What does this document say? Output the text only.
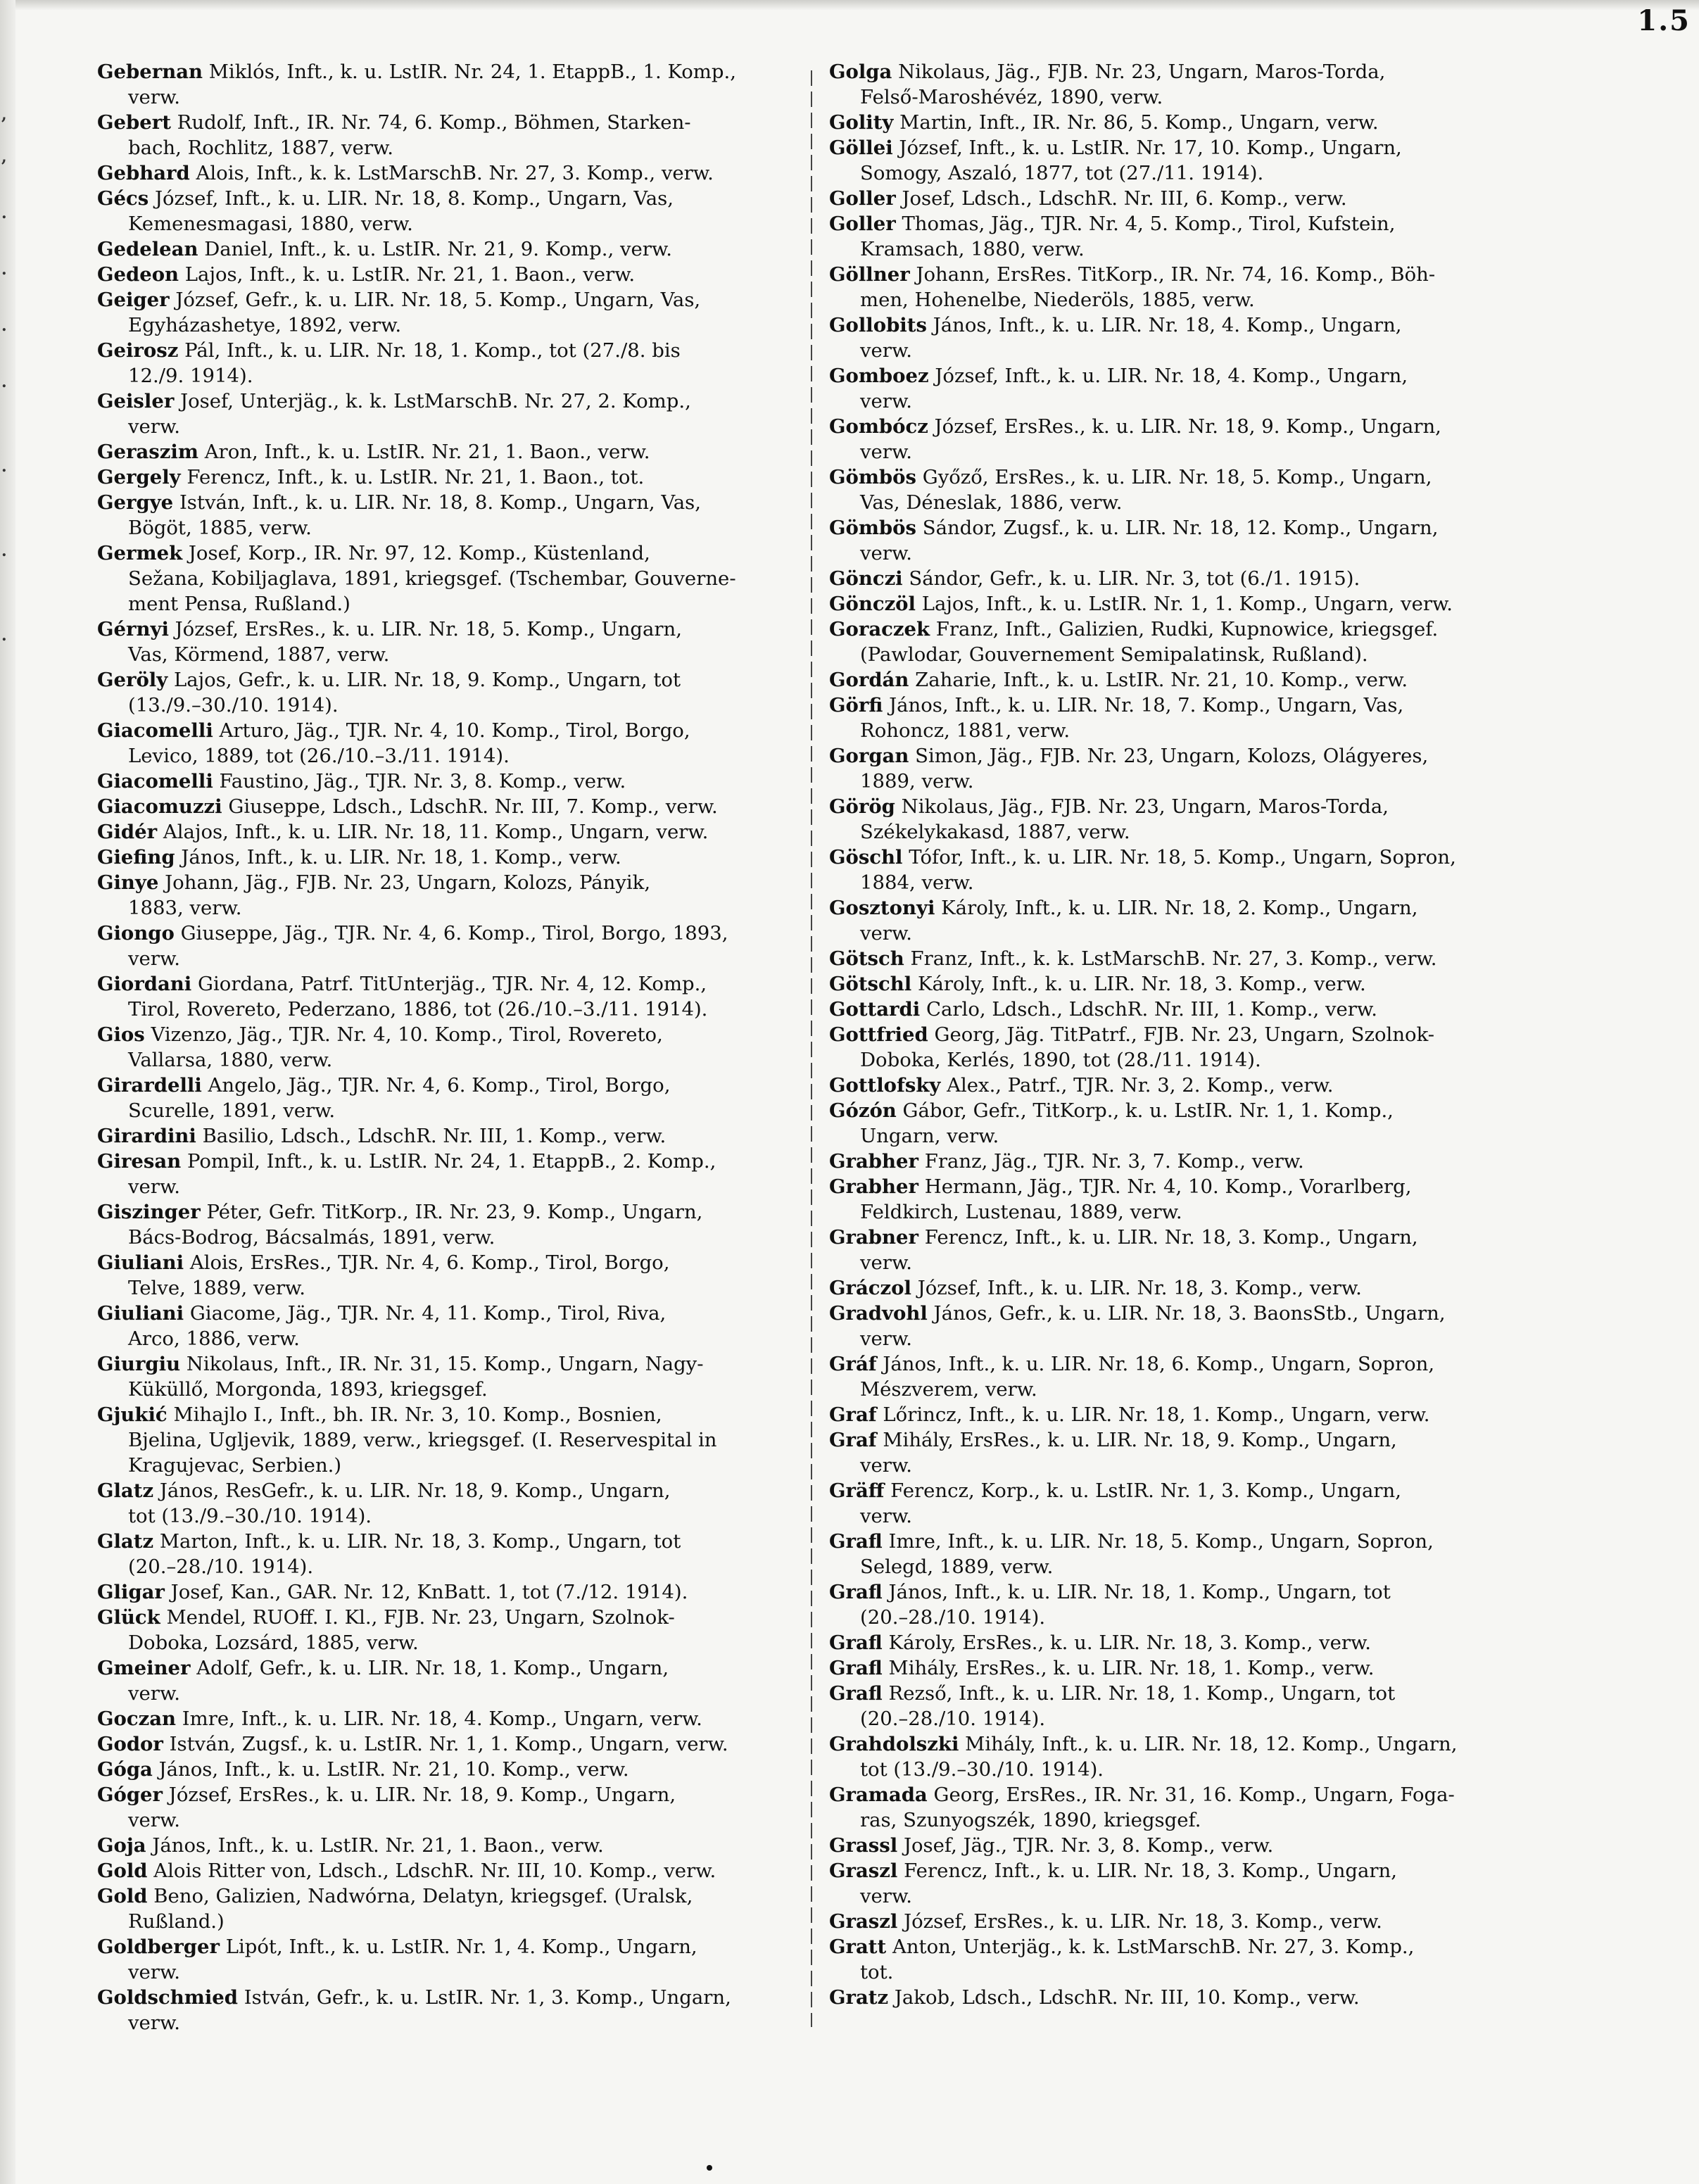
,
,
.
.
.
.
.
.
.
1.5
Gebernan Miklós, Inft., k. u. LstIR. Nr. 24, 1. EtappB., 1. Komp.,
verw.
Gebert Rudolf, Inft., IR. Nr. 74, 6. Komp., Böhmen, Starken-
bach, Rochlitz, 1887, verw.
Gebhard Alois, Inft., k. k. LstMarschB. Nr. 27, 3. Komp., verw.
Gécs József, Inft., k. u. LIR. Nr. 18, 8. Komp., Ungarn, Vas,
Kemenesmagasi, 1880, verw.
Gedelean Daniel, Inft., k. u. LstIR. Nr. 21, 9. Komp., verw.
Gedeon Lajos, Inft., k. u. LstIR. Nr. 21, 1. Baon., verw.
Geiger József, Gefr., k. u. LIR. Nr. 18, 5. Komp., Ungarn, Vas,
Egyházashetye, 1892, verw.
Geirosz Pál, Inft., k. u. LIR. Nr. 18, 1. Komp., tot (27./8. bis
12./9. 1914).
Geisler Josef, Unterjäg., k. k. LstMarschB. Nr. 27, 2. Komp.,
verw.
Geraszim Aron, Inft., k. u. LstIR. Nr. 21, 1. Baon., verw.
Gergely Ferencz, Inft., k. u. LstIR. Nr. 21, 1. Baon., tot.
Gergye István, Inft., k. u. LIR. Nr. 18, 8. Komp., Ungarn, Vas,
Bögöt, 1885, verw.
Germek Josef, Korp., IR. Nr. 97, 12. Komp., Küstenland,
Sežana, Kobiljaglava, 1891, kriegsgef. (Tschembar, Gouverne-
ment Pensa, Rußland.)
Gérnyi József, ErsRes., k. u. LIR. Nr. 18, 5. Komp., Ungarn,
Vas, Körmend, 1887, verw.
Geröly Lajos, Gefr., k. u. LIR. Nr. 18, 9. Komp., Ungarn, tot
(13./9.–30./10. 1914).
Giacomelli Arturo, Jäg., TJR. Nr. 4, 10. Komp., Tirol, Borgo,
Levico, 1889, tot (26./10.–3./11. 1914).
Giacomelli Faustino, Jäg., TJR. Nr. 3, 8. Komp., verw.
Giacomuzzi Giuseppe, Ldsch., LdschR. Nr. III, 7. Komp., verw.
Gidér Alajos, Inft., k. u. LIR. Nr. 18, 11. Komp., Ungarn, verw.
Giefing János, Inft., k. u. LIR. Nr. 18, 1. Komp., verw.
Ginye Johann, Jäg., FJB. Nr. 23, Ungarn, Kolozs, Pányik,
1883, verw.
Giongo Giuseppe, Jäg., TJR. Nr. 4, 6. Komp., Tirol, Borgo, 1893,
verw.
Giordani Giordana, Patrf. TitUnterjäg., TJR. Nr. 4, 12. Komp.,
Tirol, Rovereto, Pederzano, 1886, tot (26./10.–3./11. 1914).
Gios Vizenzo, Jäg., TJR. Nr. 4, 10. Komp., Tirol, Rovereto,
Vallarsa, 1880, verw.
Girardelli Angelo, Jäg., TJR. Nr. 4, 6. Komp., Tirol, Borgo,
Scurelle, 1891, verw.
Girardini Basilio, Ldsch., LdschR. Nr. III, 1. Komp., verw.
Giresan Pompil, Inft., k. u. LstIR. Nr. 24, 1. EtappB., 2. Komp.,
verw.
Giszinger Péter, Gefr. TitKorp., IR. Nr. 23, 9. Komp., Ungarn,
Bács-Bodrog, Bácsalmás, 1891, verw.
Giuliani Alois, ErsRes., TJR. Nr. 4, 6. Komp., Tirol, Borgo,
Telve, 1889, verw.
Giuliani Giacome, Jäg., TJR. Nr. 4, 11. Komp., Tirol, Riva,
Arco, 1886, verw.
Giurgiu Nikolaus, Inft., IR. Nr. 31, 15. Komp., Ungarn, Nagy-
Küküllő, Morgonda, 1893, kriegsgef.
Gjukić Mihajlo I., Inft., bh. IR. Nr. 3, 10. Komp., Bosnien,
Bjelina, Ugljevik, 1889, verw., kriegsgef. (I. Reservespital in
Kragujevac, Serbien.)
Glatz János, ResGefr., k. u. LIR. Nr. 18, 9. Komp., Ungarn,
tot (13./9.–30./10. 1914).
Glatz Marton, Inft., k. u. LIR. Nr. 18, 3. Komp., Ungarn, tot
(20.–28./10. 1914).
Gligar Josef, Kan., GAR. Nr. 12, KnBatt. 1, tot (7./12. 1914).
Glück Mendel, RUOff. I. Kl., FJB. Nr. 23, Ungarn, Szolnok-
Doboka, Lozsárd, 1885, verw.
Gmeiner Adolf, Gefr., k. u. LIR. Nr. 18, 1. Komp., Ungarn,
verw.
Goczan Imre, Inft., k. u. LIR. Nr. 18, 4. Komp., Ungarn, verw.
Godor István, Zugsf., k. u. LstIR. Nr. 1, 1. Komp., Ungarn, verw.
Góga János, Inft., k. u. LstIR. Nr. 21, 10. Komp., verw.
Góger József, ErsRes., k. u. LIR. Nr. 18, 9. Komp., Ungarn,
verw.
Goja János, Inft., k. u. LstIR. Nr. 21, 1. Baon., verw.
Gold Alois Ritter von, Ldsch., LdschR. Nr. III, 10. Komp., verw.
Gold Beno, Galizien, Nadwórna, Delatyn, kriegsgef. (Uralsk,
Rußland.)
Goldberger Lipót, Inft., k. u. LstIR. Nr. 1, 4. Komp., Ungarn,
verw.
Goldschmied István, Gefr., k. u. LstIR. Nr. 1, 3. Komp., Ungarn,
verw.
Golga Nikolaus, Jäg., FJB. Nr. 23, Ungarn, Maros-Torda,
Felső-Maroshévéz, 1890, verw.
Golity Martin, Inft., IR. Nr. 86, 5. Komp., Ungarn, verw.
Göllei József, Inft., k. u. LstIR. Nr. 17, 10. Komp., Ungarn,
Somogy, Aszaló, 1877, tot (27./11. 1914).
Goller Josef, Ldsch., LdschR. Nr. III, 6. Komp., verw.
Goller Thomas, Jäg., TJR. Nr. 4, 5. Komp., Tirol, Kufstein,
Kramsach, 1880, verw.
Göllner Johann, ErsRes. TitKorp., IR. Nr. 74, 16. Komp., Böh-
men, Hohenelbe, Niederöls, 1885, verw.
Gollobits János, Inft., k. u. LIR. Nr. 18, 4. Komp., Ungarn,
verw.
Gomboez József, Inft., k. u. LIR. Nr. 18, 4. Komp., Ungarn,
verw.
Gombócz József, ErsRes., k. u. LIR. Nr. 18, 9. Komp., Ungarn,
verw.
Gömbös Győző, ErsRes., k. u. LIR. Nr. 18, 5. Komp., Ungarn,
Vas, Déneslak, 1886, verw.
Gömbös Sándor, Zugsf., k. u. LIR. Nr. 18, 12. Komp., Ungarn,
verw.
Gönczi Sándor, Gefr., k. u. LIR. Nr. 3, tot (6./1. 1915).
Gönczöl Lajos, Inft., k. u. LstIR. Nr. 1, 1. Komp., Ungarn, verw.
Goraczek Franz, Inft., Galizien, Rudki, Kupnowice, kriegsgef.
(Pawlodar, Gouvernement Semipalatinsk, Rußland).
Gordán Zaharie, Inft., k. u. LstIR. Nr. 21, 10. Komp., verw.
Görfi János, Inft., k. u. LIR. Nr. 18, 7. Komp., Ungarn, Vas,
Rohoncz, 1881, verw.
Gorgan Simon, Jäg., FJB. Nr. 23, Ungarn, Kolozs, Olágyeres,
1889, verw.
Görög Nikolaus, Jäg., FJB. Nr. 23, Ungarn, Maros-Torda,
Székelykakasd, 1887, verw.
Göschl Tófor, Inft., k. u. LIR. Nr. 18, 5. Komp., Ungarn, Sopron,
1884, verw.
Gosztonyi Károly, Inft., k. u. LIR. Nr. 18, 2. Komp., Ungarn,
verw.
Götsch Franz, Inft., k. k. LstMarschB. Nr. 27, 3. Komp., verw.
Götschl Károly, Inft., k. u. LIR. Nr. 18, 3. Komp., verw.
Gottardi Carlo, Ldsch., LdschR. Nr. III, 1. Komp., verw.
Gottfried Georg, Jäg. TitPatrf., FJB. Nr. 23, Ungarn, Szolnok-
Doboka, Kerlés, 1890, tot (28./11. 1914).
Gottlofsky Alex., Patrf., TJR. Nr. 3, 2. Komp., verw.
Gózón Gábor, Gefr., TitKorp., k. u. LstIR. Nr. 1, 1. Komp.,
Ungarn, verw.
Grabher Franz, Jäg., TJR. Nr. 3, 7. Komp., verw.
Grabher Hermann, Jäg., TJR. Nr. 4, 10. Komp., Vorarlberg,
Feldkirch, Lustenau, 1889, verw.
Grabner Ferencz, Inft., k. u. LIR. Nr. 18, 3. Komp., Ungarn,
verw.
Gráczol József, Inft., k. u. LIR. Nr. 18, 3. Komp., verw.
Gradvohl János, Gefr., k. u. LIR. Nr. 18, 3. BaonsStb., Ungarn,
verw.
Gráf János, Inft., k. u. LIR. Nr. 18, 6. Komp., Ungarn, Sopron,
Mészverem, verw.
Graf Lőrincz, Inft., k. u. LIR. Nr. 18, 1. Komp., Ungarn, verw.
Graf Mihály, ErsRes., k. u. LIR. Nr. 18, 9. Komp., Ungarn,
verw.
Gräff Ferencz, Korp., k. u. LstIR. Nr. 1, 3. Komp., Ungarn,
verw.
Grafl Imre, Inft., k. u. LIR. Nr. 18, 5. Komp., Ungarn, Sopron,
Selegd, 1889, verw.
Grafl János, Inft., k. u. LIR. Nr. 18, 1. Komp., Ungarn, tot
(20.–28./10. 1914).
Grafl Károly, ErsRes., k. u. LIR. Nr. 18, 3. Komp., verw.
Grafl Mihály, ErsRes., k. u. LIR. Nr. 18, 1. Komp., verw.
Grafl Rezső, Inft., k. u. LIR. Nr. 18, 1. Komp., Ungarn, tot
(20.–28./10. 1914).
Grahdolszki Mihály, Inft., k. u. LIR. Nr. 18, 12. Komp., Ungarn,
tot (13./9.–30./10. 1914).
Gramada Georg, ErsRes., IR. Nr. 31, 16. Komp., Ungarn, Foga-
ras, Szunyogszék, 1890, kriegsgef.
Grassl Josef, Jäg., TJR. Nr. 3, 8. Komp., verw.
Graszl Ferencz, Inft., k. u. LIR. Nr. 18, 3. Komp., Ungarn,
verw.
Graszl József, ErsRes., k. u. LIR. Nr. 18, 3. Komp., verw.
Gratt Anton, Unterjäg., k. k. LstMarschB. Nr. 27, 3. Komp.,
tot.
Gratz Jakob, Ldsch., LdschR. Nr. III, 10. Komp., verw.
